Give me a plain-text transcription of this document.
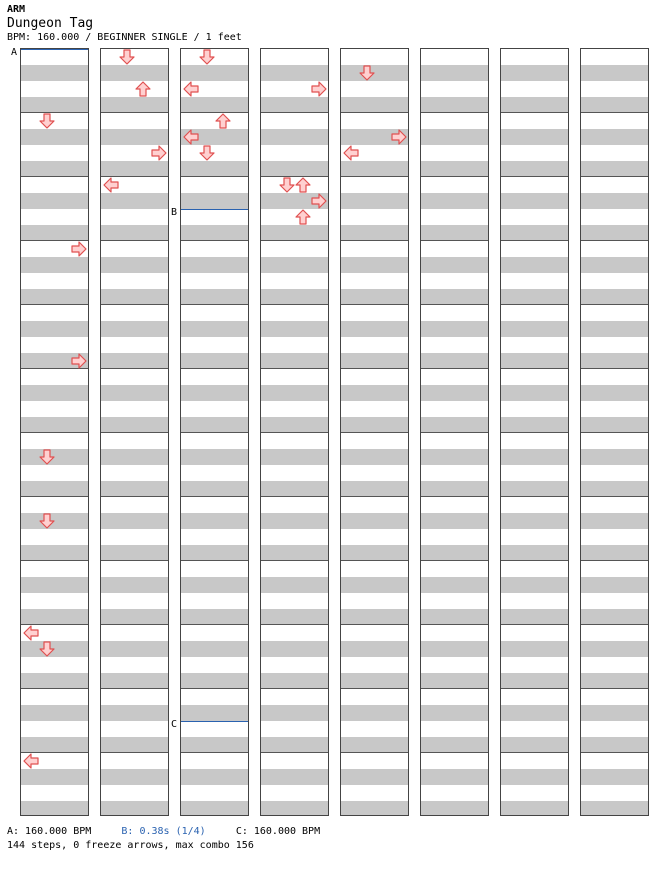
ARM
Dungeon Tag
BPM: 160.000 / BEGINNER SINGLE / 1 feet
A
B
C
A: 160.000 BPM	B: 0.38s (1/4)	C: 160.000 BPM
144 steps, 0 freeze arrows, max combo 156
